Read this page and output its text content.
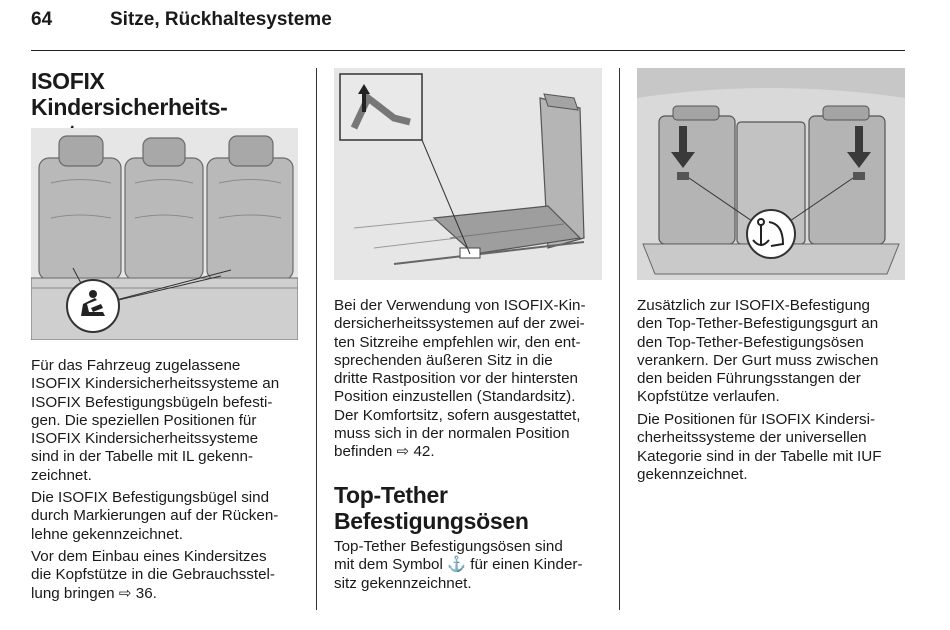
64	Sitze, Rückhaltesysteme
ISOFIX Kindersicherheits-

Für das Fahrzeug zugelassene

ISOFIX Kindersicherheitssysteme an

ISOFIX Befestigungsbügeln befesti-

gen. Die speziellen Positionen für

ISOFIX Kindersicherheitssysteme

sind in der Tabelle mit IL gekenn-

zeichnet.

Die ISOFIX Befestigungsbügel sind

durch Markierungen auf der Rücken-

lehne gekennzeichnet.

Vor dem Einbau eines Kindersitzes

die Kopfstütze in die Gebrauchsstel-

lung bringen ⇨ 36.

Bei der Verwendung von ISOFIX-Kin-

dersicherheitssystemen auf der zwei-

ten Sitzreihe empfehlen wir, den ent-

sprechenden äußeren Sitz in die

dritte Rastposition vor der hintersten

Position einzustellen (Standardsitz).

Der Komfortsitz, sofern ausgestattet,

muss sich in der normalen Position

befinden ⇨ 42.

Top-Tether
Befestigungsösen

Top-Tether Befestigungsösen sind

mit dem Symbol ⚓ für einen Kinder-

sitz gekennzeichnet.

Zusätzlich zur ISOFIX-Befestigung

den Top-Tether-Befestigungsgurt an

den Top-Tether-Befestigungsösen

verankern. Der Gurt muss zwischen

den beiden Führungsstangen der

Kopfstütze verlaufen.

Die Positionen für ISOFIX Kindersi-

cherheitssysteme der universellen

Kategorie sind in der Tabelle mit IUF

gekennzeichnet.
